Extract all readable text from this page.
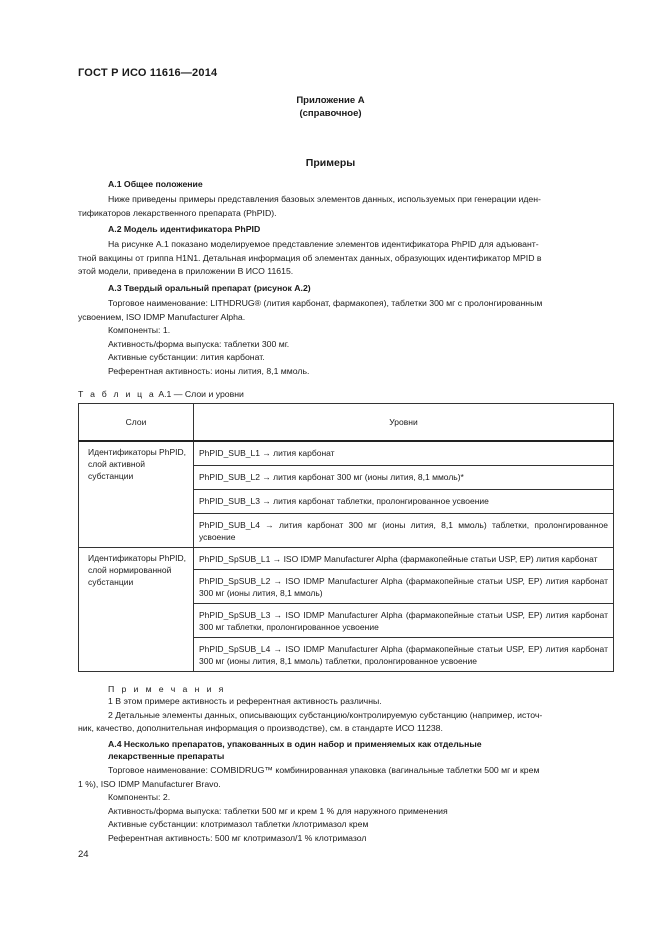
ГОСТ Р ИСО 11616—2014
Приложение А
(справочное)
Примеры
А.1 Общее положение
Ниже приведены примеры представления базовых элементов данных, используемых при генерации иден-
тификаторов лекарственного препарата (PhPID).
А.2 Модель идентификатора PhPID
На рисунке А.1 показано моделируемое представление элементов идентификатора PhPID для адъювант-
тной вакцины от гриппа H1N1. Детальная информация об элементах данных, образующих идентификатор MPID в
этой модели, приведена в приложении В ИСО 11615.
А.3 Твердый оральный препарат (рисунок А.2)
Торговое наименование: LITHDRUG® (лития карбонат, фармакопея), таблетки 300 мг с пролонгированным
усвоением, ISO IDMP Manufacturer Alpha.
Компоненты: 1.
Активность/форма выпуска: таблетки 300 мг.
Активные субстанции: лития карбонат.
Референтная активность: ионы лития, 8,1 ммоль.
Т а б л и ц а А.1 — Слои и уровни
Слои	Уровни
Идентификаторы PhPID, слой активной субстанции	PhPID_SUB_L1 → лития карбонат
	PhPID_SUB_L2 → лития карбонат 300 мг (ионы лития, 8,1 ммоль)*
	PhPID_SUB_L3 → лития карбонат таблетки, пролонгированное усвоение
	PhPID_SUB_L4 → лития карбонат 300 мг (ионы лития, 8,1 ммоль) таблетки, пролонгированное усвоение
Идентификаторы PhPID, слой нормированной субстанции	PhPID_SpSUB_L1 → ISO IDMP Manufacturer Alpha (фармакопейные статьи USP, EP) лития карбонат
	PhPID_SpSUB_L2 → ISO IDMP Manufacturer Alpha (фармакопейные статьи USP, EP) лития карбонат 300 мг (ионы лития, 8,1 ммоль)
	PhPID_SpSUB_L3 → ISO IDMP Manufacturer Alpha (фармакопейные статьи USP, EP) лития карбонат 300 мг таблетки, пролонгированное усвоение
	PhPID_SpSUB_L4 → ISO IDMP Manufacturer Alpha (фармакопейные статьи USP, EP) лития карбонат 300 мг (ионы лития, 8,1 ммоль) таблетки, пролонгированное усвоение
П р и м е ч а н и я
1 В этом примере активность и референтная активность различны.
2 Детальные элементы данных, описывающих субстанцию/контролируемую субстанцию (например, источ-
ник, качество, дополнительная информация о производстве), см. в стандарте ИСО 11238.
А.4 Несколько препаратов, упакованных в один набор и применяемых как отдельные
лекарственные препараты
Торговое наименование: COMBIDRUG™ комбинированная упаковка (вагинальные таблетки 500 мг и крем
1 %), ISO IDMP Manufacturer Bravo.
Компоненты: 2.
Активность/форма выпуска: таблетки 500 мг и крем 1 % для наружного применения
Активные субстанции: клотримазол таблетки /клотримазол крем
Референтная активность: 500 мг клотримазол/1 % клотримазол
24
